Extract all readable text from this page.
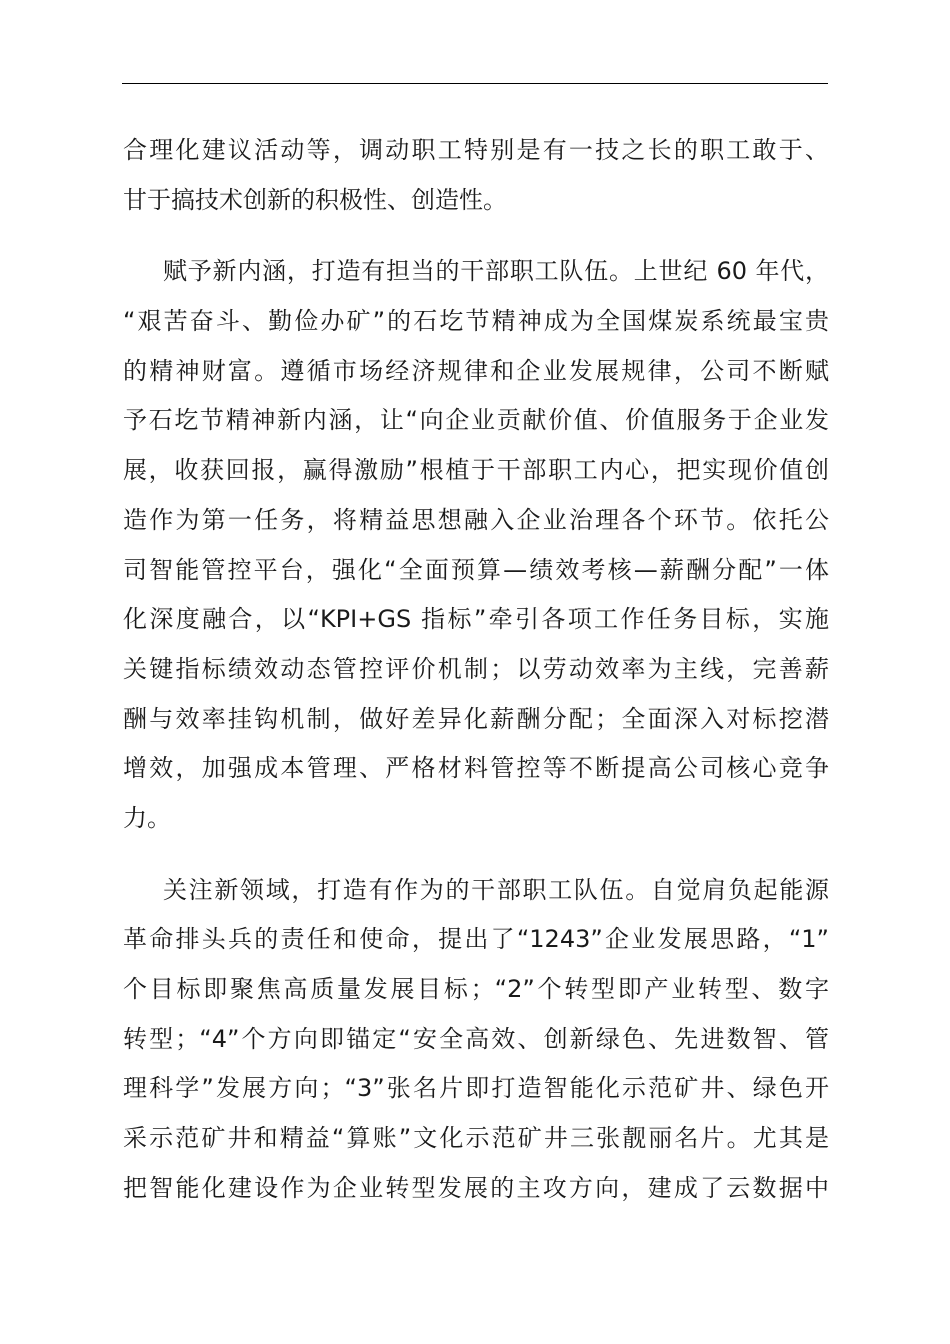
合理化建议活动等，调动职工特别是有一技之长的职工敢于、
甘于搞技术创新的积极性、创造性。
赋予新内涵，打造有担当的干部职工队伍。上世纪 60 年代，
“艰苦奋斗、勤俭办矿”的石圪节精神成为全国煤炭系统最宝贵
的精神财富。遵循市场经济规律和企业发展规律，公司不断赋
予石圪节精神新内涵，让“向企业贡献价值、价值服务于企业发
展，收获回报，赢得激励”根植于干部职工内心，把实现价值创
造作为第一任务，将精益思想融入企业治理各个环节。依托公
司智能管控平台，强化“全面预算—绩效考核—薪酬分配”一体
化深度融合，以“KPI+GS 指标”牵引各项工作任务目标，实施
关键指标绩效动态管控评价机制；以劳动效率为主线，完善薪
酬与效率挂钩机制，做好差异化薪酬分配；全面深入对标挖潜
增效，加强成本管理、严格材料管控等不断提高公司核心竞争
力。
关注新领域，打造有作为的干部职工队伍。自觉肩负起能源
革命排头兵的责任和使命，提出了“1243”企业发展思路，“1”
个目标即聚焦高质量发展目标；“2”个转型即产业转型、数字
转型；“4”个方向即锚定“安全高效、创新绿色、先进数智、管
理科学”发展方向；“3”张名片即打造智能化示范矿井、绿色开
采示范矿井和精益“算账”文化示范矿井三张靓丽名片。尤其是
把智能化建设作为企业转型发展的主攻方向，建成了云数据中
